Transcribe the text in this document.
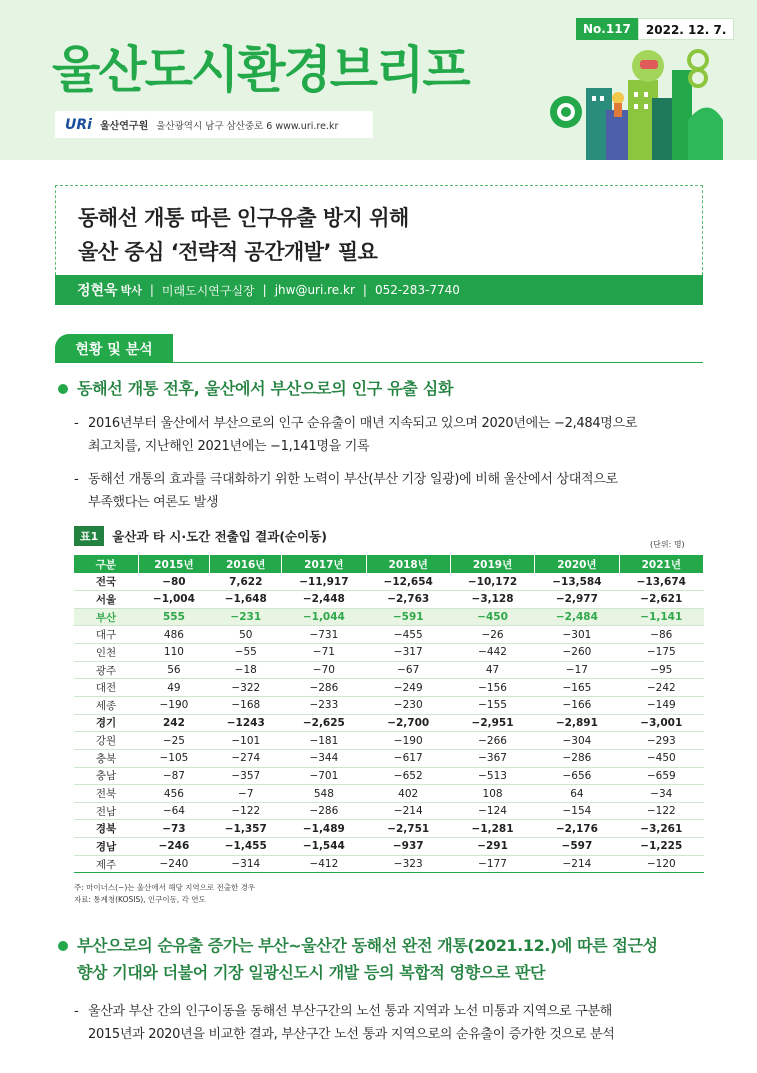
울산도시환경브리프
No.117	2022. 12. 7.
URi 울산연구원 울산광역시 남구 삼산중로 6 www.uri.re.kr
동해선 개통 따른 인구유출 방지 위해
울산 중심 ‘전략적 공간개발’ 필요
정현욱 박사 | 미래도시연구실장 | jhw@uri.re.kr | 052-283-7740
현황 및 분석
동해선 개통 전후, 울산에서 부산으로의 인구 유출 심화
- 2016년부터 울산에서 부산으로의 인구 순유출이 매년 지속되고 있으며 2020년에는 −2,484명으로
최고치를, 지난해인 2021년에는 −1,141명을 기록
- 동해선 개통의 효과를 극대화하기 위한 노력이 부산(부산 기장 일광)에 비해 울산에서 상대적으로
부족했다는 여론도 발생
표1	울산과 타 시·도간 전출입 결과(순이동)
(단위: 명)
구분	2015년	2016년	2017년	2018년	2019년	2020년	2021년
전국	−80	7,622	−11,917	−12,654	−10,172	−13,584	−13,674
서울	−1,004	−1,648	−2,448	−2,763	−3,128	−2,977	−2,621
부산	555	−231	−1,044	−591	−450	−2,484	−1,141
대구	486	50	−731	−455	−26	−301	−86
인천	110	−55	−71	−317	−442	−260	−175
광주	56	−18	−70	−67	47	−17	−95
대전	49	−322	−286	−249	−156	−165	−242
세종	−190	−168	−233	−230	−155	−166	−149
경기	242	−1243	−2,625	−2,700	−2,951	−2,891	−3,001
강원	−25	−101	−181	−190	−266	−304	−293
충북	−105	−274	−344	−617	−367	−286	−450
충남	−87	−357	−701	−652	−513	−656	−659
전북	456	−7	548	402	108	64	−34
전남	−64	−122	−286	−214	−124	−154	−122
경북	−73	−1,357	−1,489	−2,751	−1,281	−2,176	−3,261
경남	−246	−1,455	−1,544	−937	−291	−597	−1,225
제주	−240	−314	−412	−323	−177	−214	−120
주: 마이너스(−)는 울산에서 해당 지역으로 전출한 경우
자료: 통계청(KOSIS), 인구이동, 각 연도
부산으로의 순유출 증가는 부산~울산간 동해선 완전 개통(2021.12.)에 따른 접근성
향상 기대와 더불어 기장 일광신도시 개발 등의 복합적 영향으로 판단
- 울산과 부산 간의 인구이동을 동해선 부산구간의 노선 통과 지역과 노선 미통과 지역으로 구분해
2015년과 2020년을 비교한 결과, 부산구간 노선 통과 지역으로의 순유출이 증가한 것으로 분석
